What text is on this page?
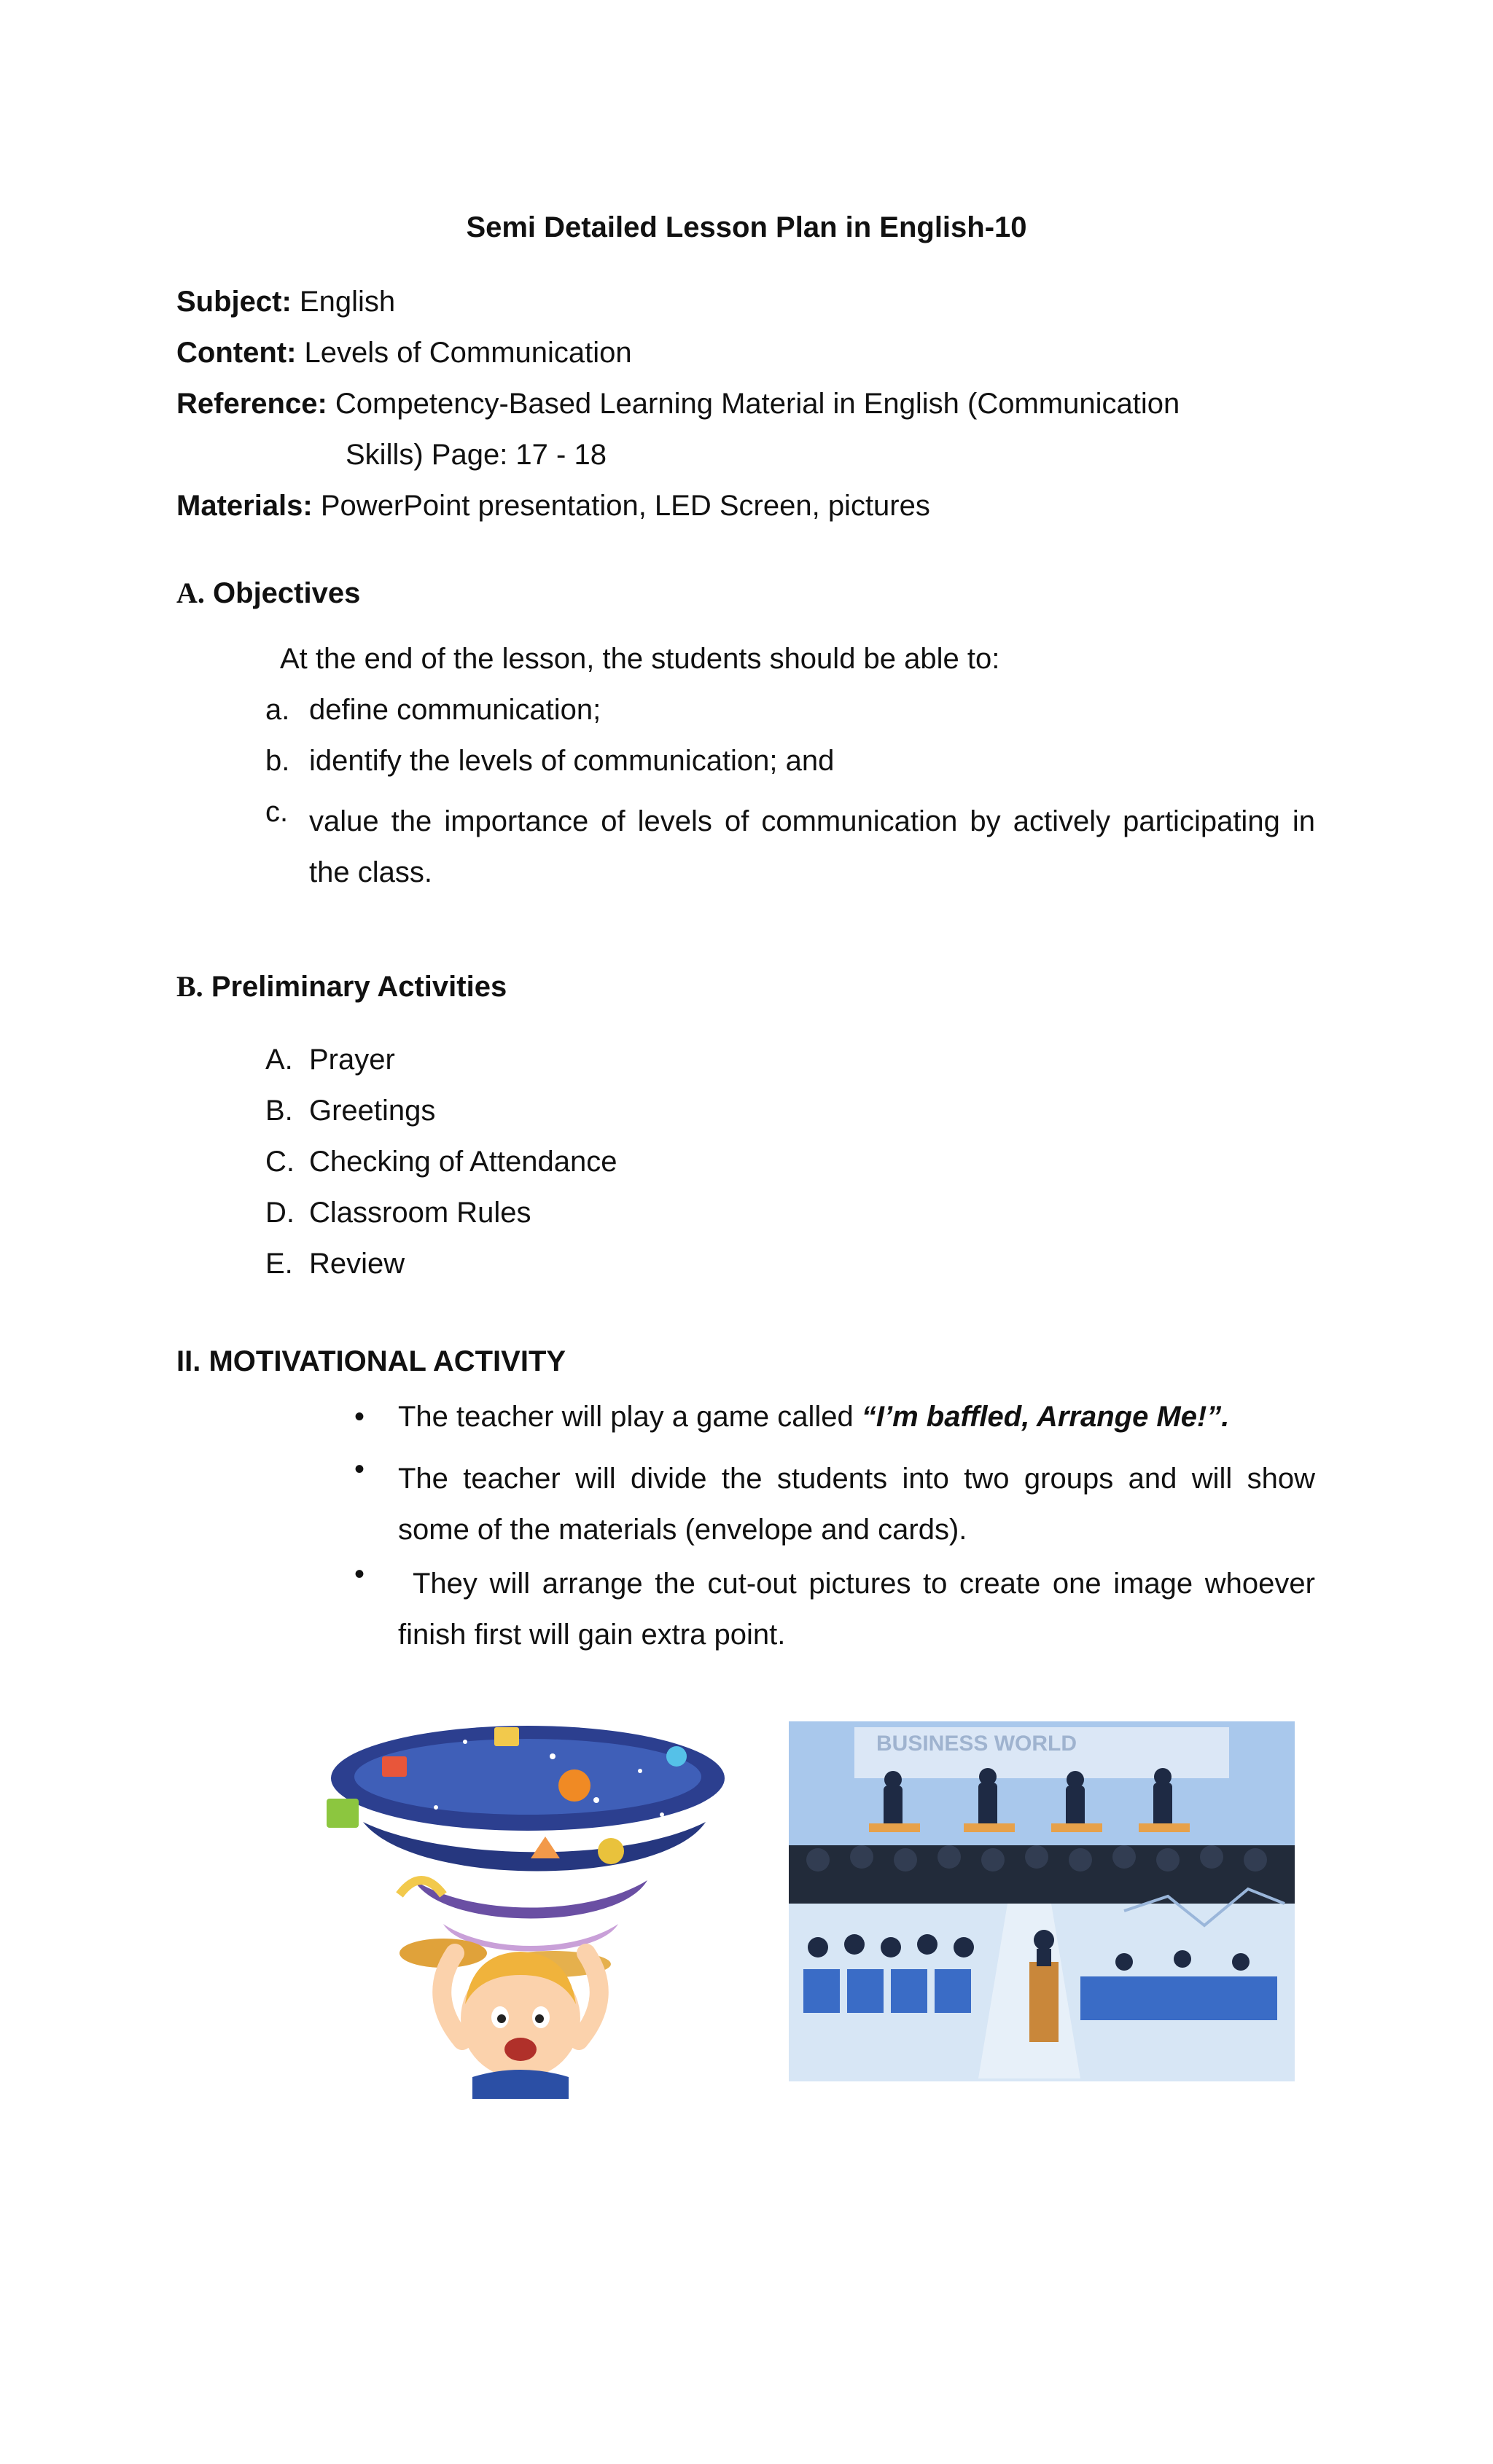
Semi Detailed Lesson Plan in English-10
Subject: English
Content: Levels of Communication
Reference: Competency-Based Learning Material in English (Communication
Skills) Page: 17 - 18
Materials: PowerPoint presentation, LED Screen, pictures
A. Objectives
At the end of the lesson, the students should be able to:
a. define communication;
b. identify the levels of communication; and
c. value the importance of levels of communication by actively participating in the class.
B. Preliminary Activities
A. Prayer
B. Greetings
C. Checking of Attendance
D. Classroom Rules
E. Review
II. MOTIVATIONAL ACTIVITY
• The teacher will play a game called “I’m baffled, Arrange Me!”.
• The teacher will divide the students into two groups and will show some of the materials (envelope and cards).
•	They will arrange the cut-out pictures to create one image whoever finish first will gain extra point.
BUSINESS WORLD
